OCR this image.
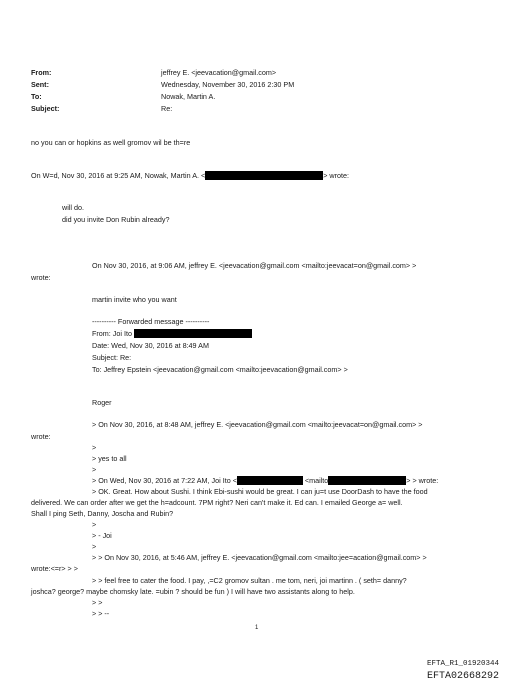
From:	jeffrey E. <jeevacation@gmail.com>
Sent:	Wednesday, November 30, 2016 2:30 PM
To:	Nowak, Martin A.
Subject:	Re:
no you can or hopkins as well gromov wil be th=re
On W=d, Nov 30, 2016 at 9:25 AM, Nowak, Martin A. <	> wrote:
will do.
did you invite Don Rubin already?
On Nov 30, 2016, at 9:06 AM, jeffrey E. <jeevacation@gmail.com <mailto:jeevacat=on@gmail.com> >
wrote:
martin invite who you want
---------- Forwarded message ----------
From: Joi Ito
Date: Wed, Nov 30, 2016 at 8:49 AM
Subject: Re:
To: Jeffrey Epstein <jeevacation@gmail.com <mailto:jeevacation@gmail.com> >
Roger
> On Nov 30, 2016, at 8:48 AM, jeffrey E. <jeevacation@gmail.com <mailto:jeevacat=on@gmail.com> >
wrote:
>
> yes to all
>
> On Wed, Nov 30, 2016 at 7:22 AM, Joi Ito <	<mailto	> > wrote:
> OK. Great. How about Sushi. I think Ebi-sushi would be great. I can ju=t use DoorDash to have the food
delivered. We can order after we get the h=adcount. 7PM right? Neri can't make it. Ed can. I emailed George a= well.
Shall I ping Seth, Danny, Joscha and Rubin?
>
> - Joi
>
> > On Nov 30, 2016, at 5:46 AM, jeffrey E. <jeevacation@gmail.com <mailto:jee=acation@gmail.com> >
wrote:<=r> > >
> > feel free to cater the food. I pay, ,=C2 gromov sultan . me tom, neri, joi martinn . ( seth= danny?
joshca? george? maybe chomsky late. =ubin ? should be fun ) I will have two assistants along to help.
> >
> > --
1
EFTA_R1_01920344
EFTA02668292
